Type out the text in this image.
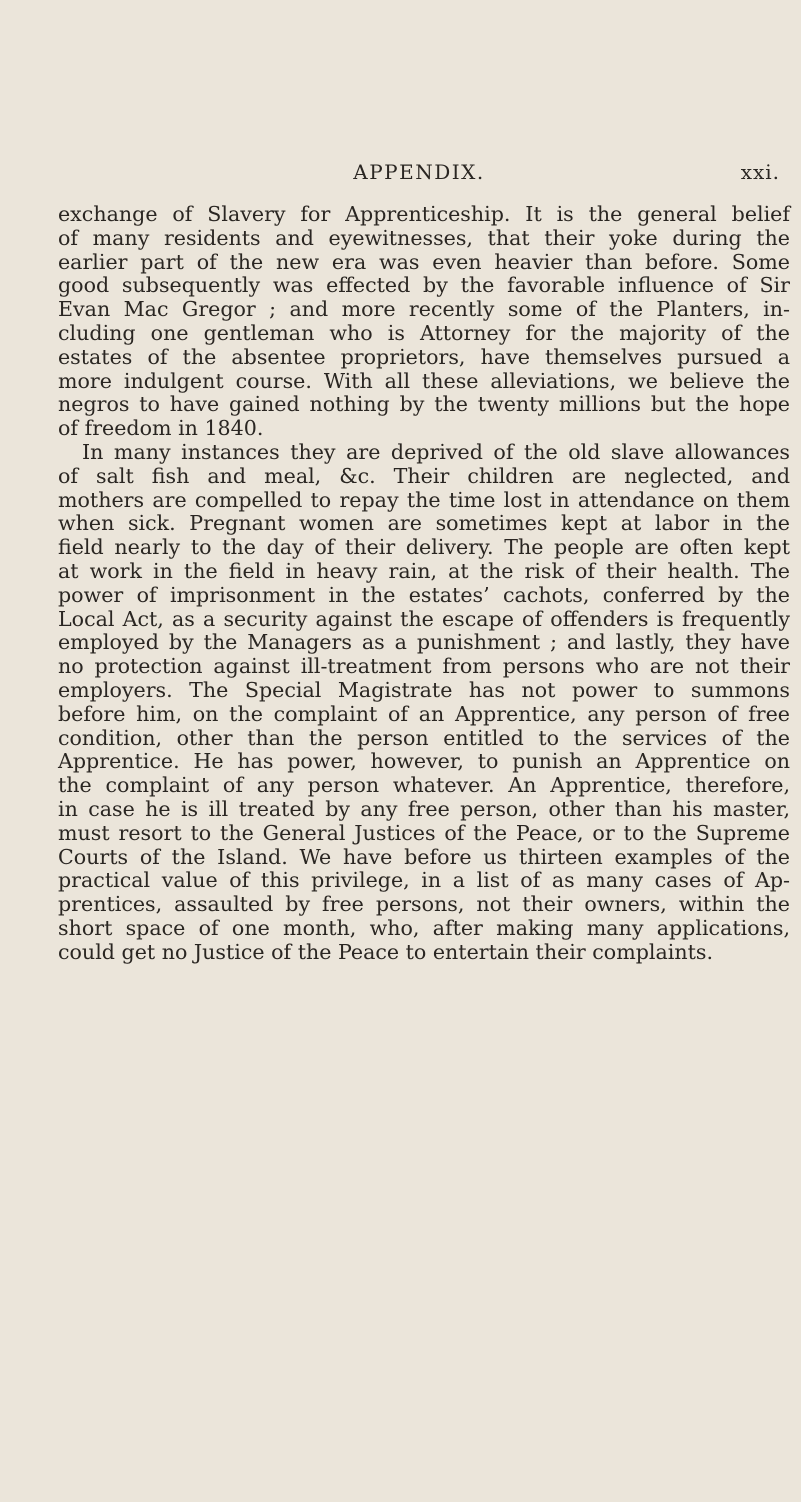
APPENDIX.	xxi.
exchange of Slavery for Apprenticeship. It is the general belief
of many residents and eyewitnesses, that their yoke during the
earlier part of the new era was even heavier than before. Some
good subsequently was effected by the favorable influence of Sir
Evan Mac Gregor ; and more recently some of the Planters, in-
cluding one gentleman who is Attorney for the majority of the
estates of the absentee proprietors, have themselves pursued a
more indulgent course. With all these alleviations, we believe the
negros to have gained nothing by the twenty millions but the hope
of freedom in 1840.
In many instances they are deprived of the old slave allowances
of salt fish and meal, &c. Their children are neglected, and
mothers are compelled to repay the time lost in attendance on them
when sick. Pregnant women are sometimes kept at labor in the
field nearly to the day of their delivery. The people are often kept
at work in the field in heavy rain, at the risk of their health. The
power of imprisonment in the estates’ cachots, conferred by the
Local Act, as a security against the escape of offenders is frequently
employed by the Managers as a punishment ; and lastly, they have
no protection against ill-treatment from persons who are not their
employers. The Special Magistrate has not power to summons
before him, on the complaint of an Apprentice, any person of free
condition, other than the person entitled to the services of the
Apprentice. He has power, however, to punish an Apprentice on
the complaint of any person whatever. An Apprentice, therefore,
in case he is ill treated by any free person, other than his master,
must resort to the General Justices of the Peace, or to the Supreme
Courts of the Island. We have before us thirteen examples of the
practical value of this privilege, in a list of as many cases of Ap-
prentices, assaulted by free persons, not their owners, within the
short space of one month, who, after making many applications,
could get no Justice of the Peace to entertain their complaints.
